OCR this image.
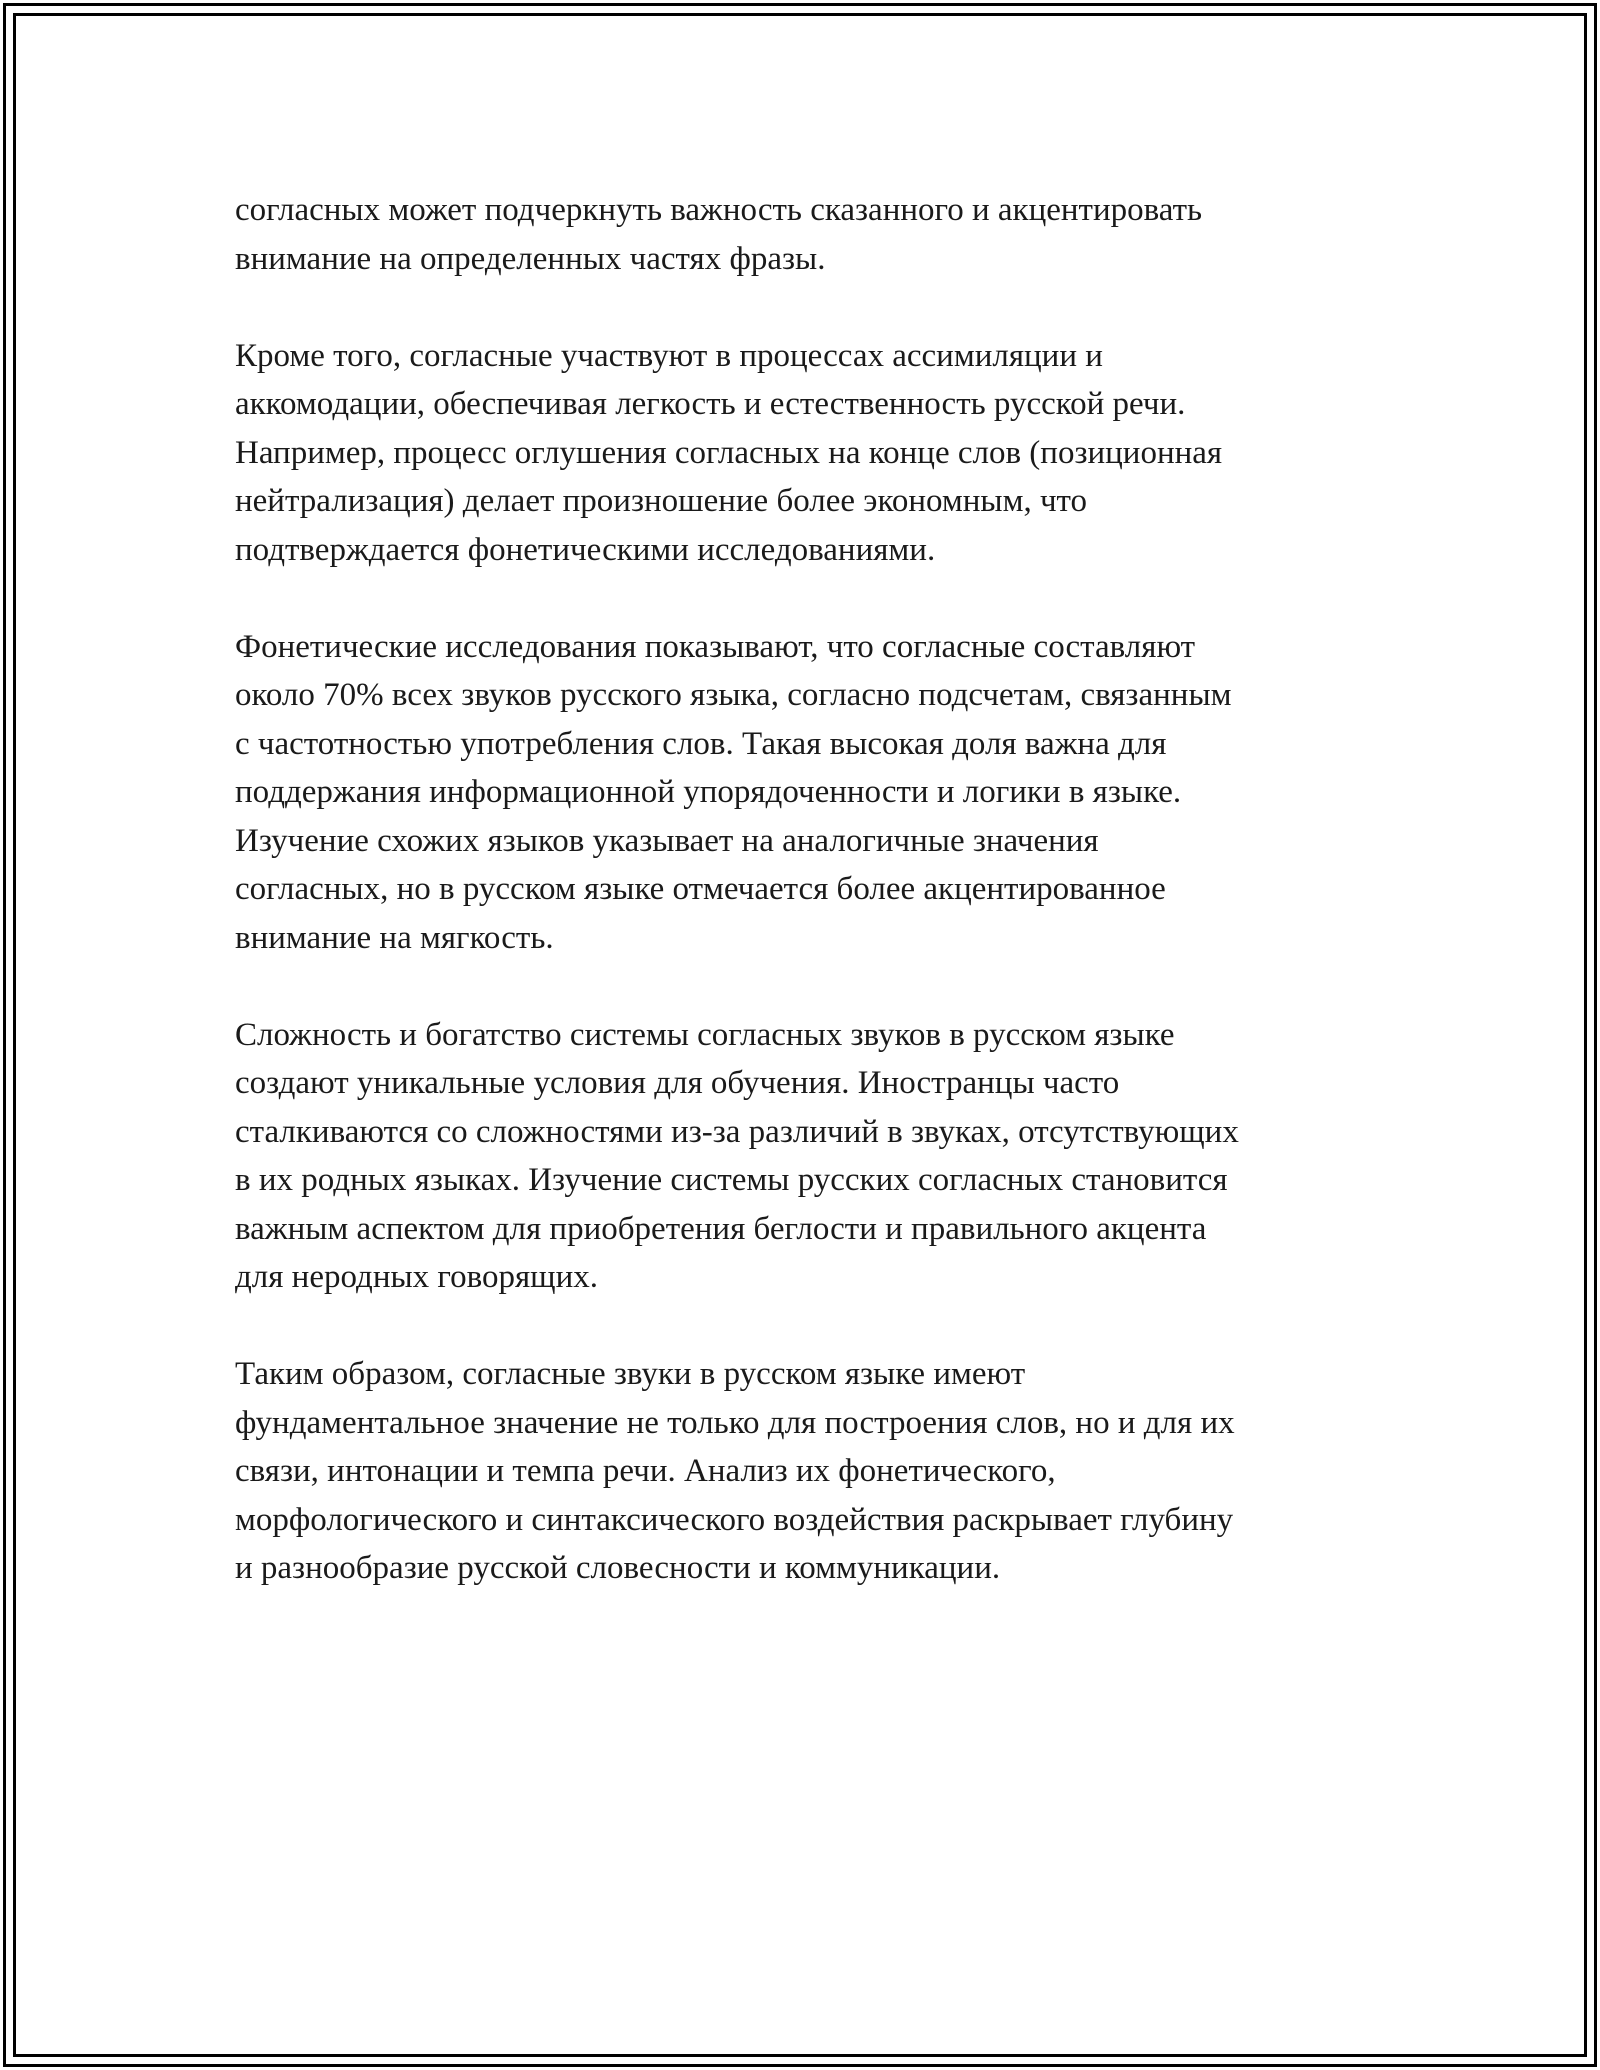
согласных может подчеркнуть важность сказанного и акцентировать
внимание на определенных частях фразы.

Кроме того, согласные участвуют в процессах ассимиляции и
аккомодации, обеспечивая легкость и естественность русской речи.
Например, процесс оглушения согласных на конце слов (позиционная
нейтрализация) делает произношение более экономным, что
подтверждается фонетическими исследованиями.

Фонетические исследования показывают, что согласные составляют
около 70% всех звуков русского языка, согласно подсчетам, связанным
с частотностью употребления слов. Такая высокая доля важна для
поддержания информационной упорядоченности и логики в языке.
Изучение схожих языков указывает на аналогичные значения
согласных, но в русском языке отмечается более акцентированное
внимание на мягкость.

Сложность и богатство системы согласных звуков в русском языке
создают уникальные условия для обучения. Иностранцы часто
сталкиваются со сложностями из-за различий в звуках, отсутствующих
в их родных языках. Изучение системы русских согласных становится
важным аспектом для приобретения беглости и правильного акцента
для неродных говорящих.

Таким образом, согласные звуки в русском языке имеют
фундаментальное значение не только для построения слов, но и для их
связи, интонации и темпа речи. Анализ их фонетического,
морфологического и синтаксического воздействия раскрывает глубину
и разнообразие русской словесности и коммуникации.
